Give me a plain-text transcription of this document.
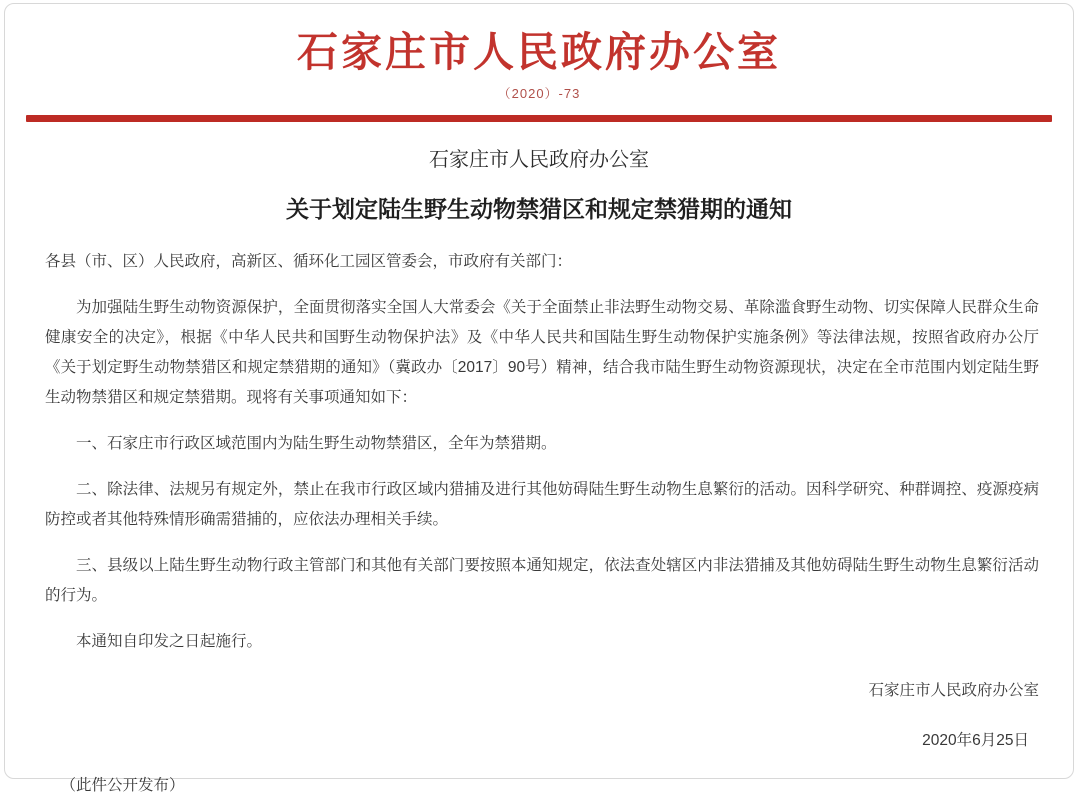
石家庄市人民政府办公室
（2020）-73
石家庄市人民政府办公室
关于划定陆生野生动物禁猎区和规定禁猎期的通知
各县（市、区）人民政府，高新区、循环化工园区管委会，市政府有关部门：
为加强陆生野生动物资源保护，全面贯彻落实全国人大常委会《关于全面禁止非法野生动物交易、革除滥食野生动物、切实保障人民群众生命健康安全的决定》，根据《中华人民共和国野生动物保护法》及《中华人民共和国陆生野生动物保护实施条例》等法律法规，按照省政府办公厅《关于划定野生动物禁猎区和规定禁猎期的通知》（冀政办〔2017〕90号）精神，结合我市陆生野生动物资源现状，决定在全市范围内划定陆生野生动物禁猎区和规定禁猎期。现将有关事项通知如下：
一、石家庄市行政区域范围内为陆生野生动物禁猎区，全年为禁猎期。
二、除法律、法规另有规定外，禁止在我市行政区域内猎捕及进行其他妨碍陆生野生动物生息繁衍的活动。因科学研究、种群调控、疫源疫病防控或者其他特殊情形确需猎捕的，应依法办理相关手续。
三、县级以上陆生野生动物行政主管部门和其他有关部门要按照本通知规定，依法查处辖区内非法猎捕及其他妨碍陆生野生动物生息繁衍活动的行为。
本通知自印发之日起施行。
石家庄市人民政府办公室
2020年6月25日
（此件公开发布）
